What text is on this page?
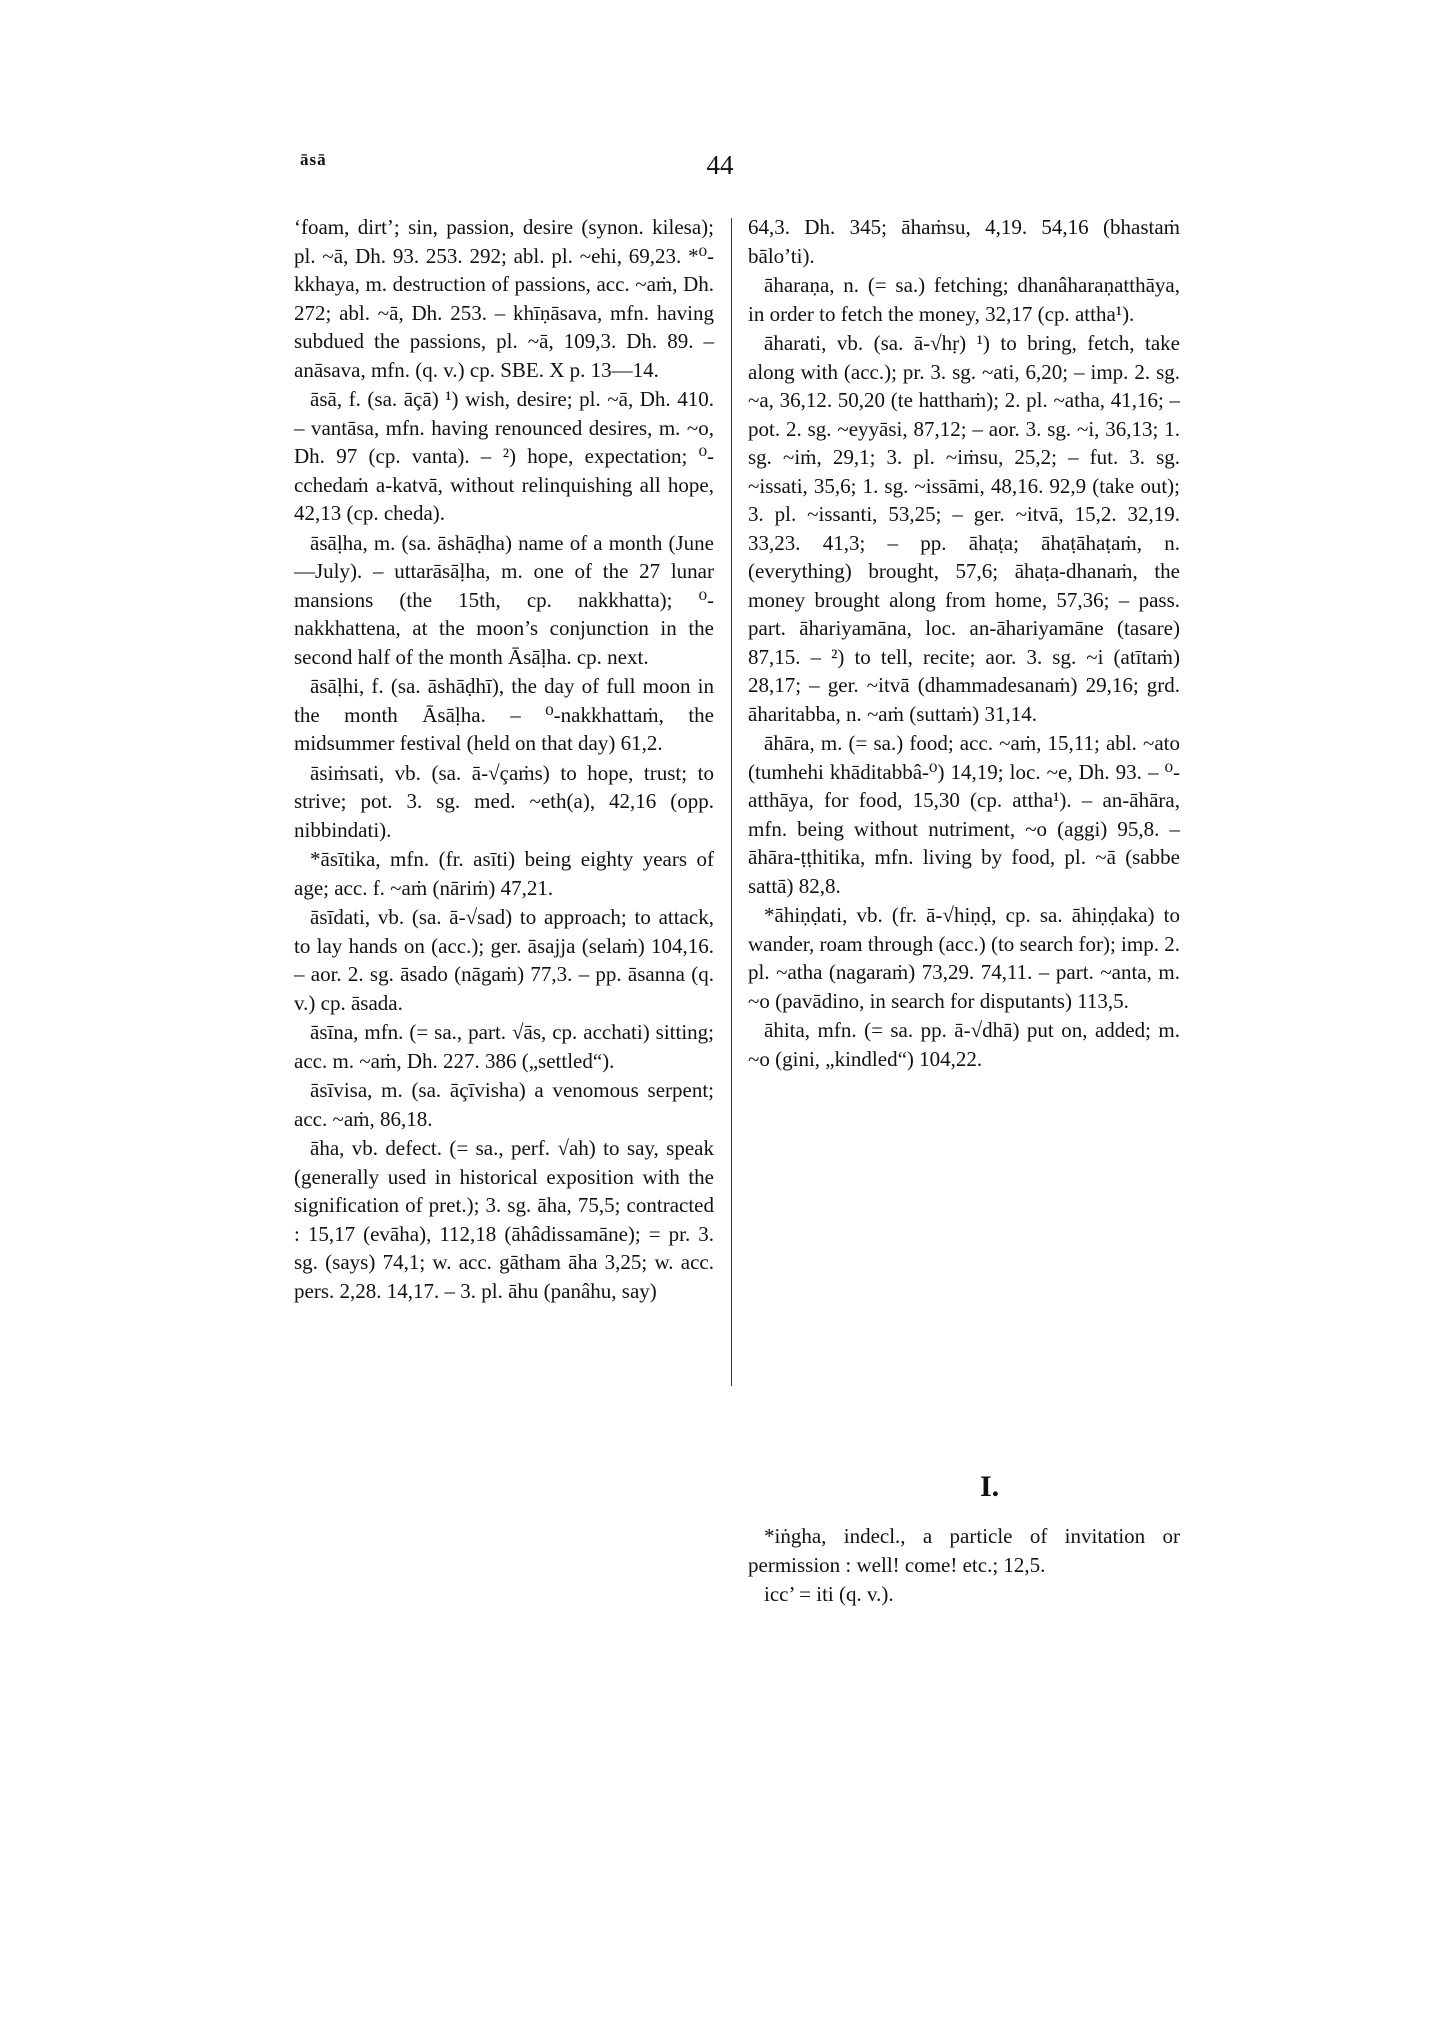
āsā	44

‘foam, dirt’; sin, passion, desire (synon. kilesa); pl. ~ā, Dh. 93. 253. 292; abl. pl. ~ehi, 69,23. *⁰-kkhaya, m. destruction of passions, acc. ~aṁ, Dh. 272; abl. ~ā, Dh. 253. – khīṇāsava, mfn. having subdued the passions, pl. ~ā, 109,3. Dh. 89. – anāsava, mfn. (q. v.) cp. SBE. X p. 13—14.

āsā, f. (sa. āçā) ¹) wish, desire; pl. ~ā, Dh. 410. – vantāsa, mfn. having renounced desires, m. ~o, Dh. 97 (cp. vanta). – ²) hope, expectation; ⁰-cchedaṁ a-katvā, without relinquishing all hope, 42,13 (cp. cheda).

āsāḷha, m. (sa. āshāḍha) name of a month (June—July). – uttarāsāḷha, m. one of the 27 lunar mansions (the 15th, cp. nakkhatta); ⁰-nakkhattena, at the moon’s conjunction in the second half of the month Āsāḷha. cp. next.

āsāḷhi, f. (sa. āshāḍhī), the day of full moon in the month Āsāḷha. – ⁰-nakkhattaṁ, the midsummer festival (held on that day) 61,2.

āsiṁsati, vb. (sa. ā-√çaṁs) to hope, trust; to strive; pot. 3. sg. med. ~eth(a), 42,16 (opp. nibbindati).

*āsītika, mfn. (fr. asīti) being eighty years of age; acc. f. ~aṁ (nāriṁ) 47,21.

āsīdati, vb. (sa. ā-√sad) to approach; to attack, to lay hands on (acc.); ger. āsajja (selaṁ) 104,16. – aor. 2. sg. āsado (nāgaṁ) 77,3. – pp. āsanna (q. v.) cp. āsada.

āsīna, mfn. (= sa., part. √ās, cp. acchati) sitting; acc. m. ~aṁ, Dh. 227. 386 („settled“).

āsīvisa, m. (sa. āçīvisha) a venomous serpent; acc. ~aṁ, 86,18.

āha, vb. defect. (= sa., perf. √ah) to say, speak (generally used in historical exposition with the signification of pret.); 3. sg. āha, 75,5; contracted : 15,17 (evāha), 112,18 (āhâdissamāne); = pr. 3. sg. (says) 74,1; w. acc. gātham āha 3,25; w. acc. pers. 2,28. 14,17. – 3. pl. āhu (panâhu, say)

64,3. Dh. 345; āhaṁsu, 4,19. 54,16 (bhastaṁ bālo’ti).

āharaṇa, n. (= sa.) fetching; dhanâharaṇatthāya, in order to fetch the money, 32,17 (cp. attha¹).

āharati, vb. (sa. ā-√hṛ) ¹) to bring, fetch, take along with (acc.); pr. 3. sg. ~ati, 6,20; – imp. 2. sg. ~a, 36,12. 50,20 (te hatthaṁ); 2. pl. ~atha, 41,16; – pot. 2. sg. ~eyyāsi, 87,12; – aor. 3. sg. ~i, 36,13; 1. sg. ~iṁ, 29,1; 3. pl. ~iṁsu, 25,2; – fut. 3. sg. ~issati, 35,6; 1. sg. ~issāmi, 48,16. 92,9 (take out); 3. pl. ~issanti, 53,25; – ger. ~itvā, 15,2. 32,19. 33,23. 41,3; – pp. āhaṭa; āhaṭāhaṭaṁ, n. (everything) brought, 57,6; āhaṭa-dhanaṁ, the money brought along from home, 57,36; – pass. part. āhariyamāna, loc. an-āhariyamāne (tasare) 87,15. – ²) to tell, recite; aor. 3. sg. ~i (atītaṁ) 28,17; – ger. ~itvā (dhammadesanaṁ) 29,16; grd. āharitabba, n. ~aṁ (suttaṁ) 31,14.

āhāra, m. (= sa.) food; acc. ~aṁ, 15,11; abl. ~ato (tumhehi khāditabbâ-⁰) 14,19; loc. ~e, Dh. 93. – ⁰-atthāya, for food, 15,30 (cp. attha¹). – an-āhāra, mfn. being without nutriment, ~o (aggi) 95,8. – āhāra-ṭṭhitika, mfn. living by food, pl. ~ā (sabbe sattā) 82,8.

*āhiṇḍati, vb. (fr. ā-√hiṇḍ, cp. sa. āhiṇḍaka) to wander, roam through (acc.) (to search for); imp. 2. pl. ~atha (nagaraṁ) 73,29. 74,11. – part. ~anta, m. ~o (pavādino, in search for disputants) 113,5.

āhita, mfn. (= sa. pp. ā-√dhā) put on, added; m. ~o (gini, „kindled“) 104,22.

I.

*iṅgha, indecl., a particle of invitation or permission : well! come! etc.; 12,5.

icc’ = iti (q. v.).
